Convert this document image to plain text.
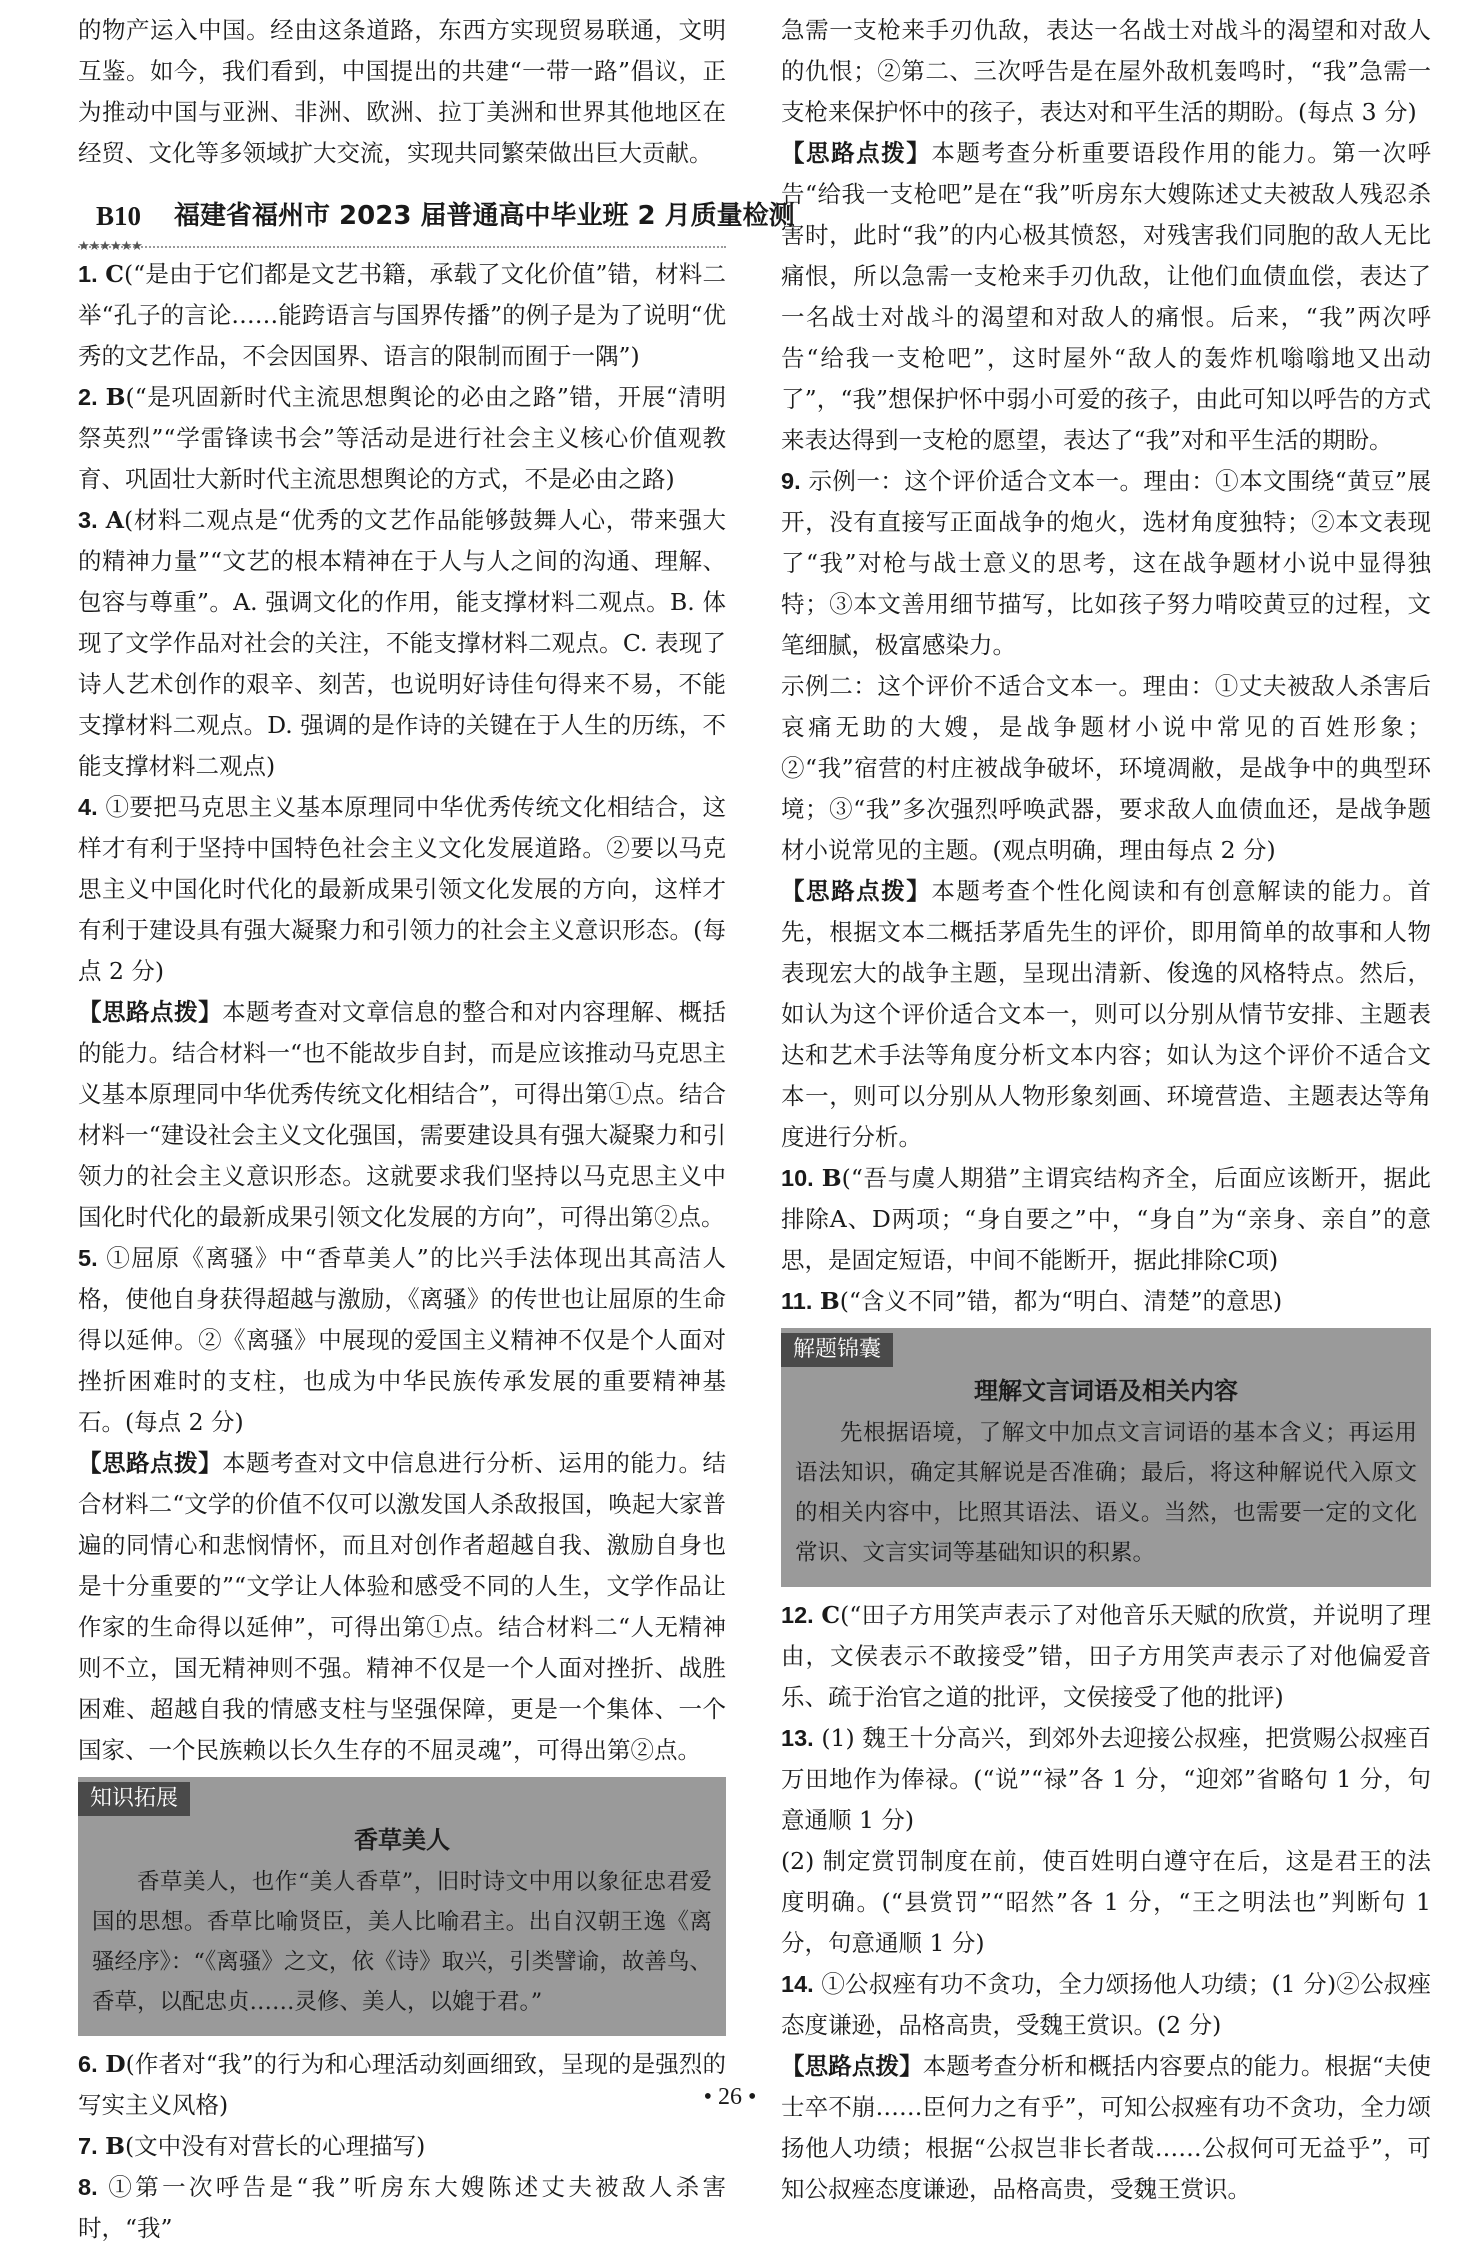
的物产运入中国。经由这条道路，东西方实现贸易联通，文明互鉴。如今，我们看到，中国提出的共建“一带一路”倡议，正为推动中国与亚洲、非洲、欧洲、拉丁美洲和世界其他地区在经贸、文化等多领域扩大交流，实现共同繁荣做出巨大贡献。

★★★★★★
B10 福建省福州市 2023 届普通高中毕业班 2 月质量检测

1. C(“是由于它们都是文艺书籍，承载了文化价值”错，材料二举“孔子的言论……能跨语言与国界传播”的例子是为了说明“优秀的文艺作品，不会因国界、语言的限制而囿于一隅”)

2. B(“是巩固新时代主流思想舆论的必由之路”错，开展“清明祭英烈”“学雷锋读书会”等活动是进行社会主义核心价值观教育、巩固壮大新时代主流思想舆论的方式，不是必由之路)

3. A(材料二观点是“优秀的文艺作品能够鼓舞人心，带来强大的精神力量”“文艺的根本精神在于人与人之间的沟通、理解、包容与尊重”。A. 强调文化的作用，能支撑材料二观点。B. 体现了文学作品对社会的关注，不能支撑材料二观点。C. 表现了诗人艺术创作的艰辛、刻苦，也说明好诗佳句得来不易，不能支撑材料二观点。D. 强调的是作诗的关键在于人生的历练，不能支撑材料二观点)

4. ①要把马克思主义基本原理同中华优秀传统文化相结合，这样才有利于坚持中国特色社会主义文化发展道路。②要以马克思主义中国化时代化的最新成果引领文化发展的方向，这样才有利于建设具有强大凝聚力和引领力的社会主义意识形态。(每点 2 分)

【思路点拨】本题考查对文章信息的整合和对内容理解、概括的能力。结合材料一“也不能故步自封，而是应该推动马克思主义基本原理同中华优秀传统文化相结合”，可得出第①点。结合材料一“建设社会主义文化强国，需要建设具有强大凝聚力和引领力的社会主义意识形态。这就要求我们坚持以马克思主义中国化时代化的最新成果引领文化发展的方向”，可得出第②点。

5. ①屈原《离骚》中“香草美人”的比兴手法体现出其高洁人格，使他自身获得超越与激励，《离骚》的传世也让屈原的生命得以延伸。②《离骚》中展现的爱国主义精神不仅是个人面对挫折困难时的支柱，也成为中华民族传承发展的重要精神基石。(每点 2 分)

【思路点拨】本题考查对文中信息进行分析、运用的能力。结合材料二“文学的价值不仅可以激发国人杀敌报国，唤起大家普遍的同情心和悲悯情怀，而且对创作者超越自我、激励自身也是十分重要的”“文学让人体验和感受不同的人生，文学作品让作家的生命得以延伸”，可得出第①点。结合材料二“人无精神则不立，国无精神则不强。精神不仅是一个人面对挫折、战胜困难、超越自我的情感支柱与坚强保障，更是一个集体、一个国家、一个民族赖以长久生存的不屈灵魂”，可得出第②点。

知识拓展
香草美人
香草美人，也作“美人香草”，旧时诗文中用以象征忠君爱国的思想。香草比喻贤臣，美人比喻君主。出自汉朝王逸《离骚经序》：“《离骚》之文，依《诗》取兴，引类譬谕，故善鸟、香草，以配忠贞……灵修、美人，以媲于君。”

6. D(作者对“我”的行为和心理活动刻画细致，呈现的是强烈的写实主义风格)

7. B(文中没有对营长的心理描写)

8. ①第一次呼告是“我”听房东大嫂陈述丈夫被敌人杀害时，“我”

急需一支枪来手刃仇敌，表达一名战士对战斗的渴望和对敌人的仇恨；②第二、三次呼告是在屋外敌机轰鸣时，“我”急需一支枪来保护怀中的孩子，表达对和平生活的期盼。(每点 3 分)

【思路点拨】本题考查分析重要语段作用的能力。第一次呼告“给我一支枪吧”是在“我”听房东大嫂陈述丈夫被敌人残忍杀害时，此时“我”的内心极其愤怒，对残害我们同胞的敌人无比痛恨，所以急需一支枪来手刃仇敌，让他们血债血偿，表达了一名战士对战斗的渴望和对敌人的痛恨。后来，“我”两次呼告“给我一支枪吧”，这时屋外“敌人的轰炸机嗡嗡地又出动了”，“我”想保护怀中弱小可爱的孩子，由此可知以呼告的方式来表达得到一支枪的愿望，表达了“我”对和平生活的期盼。

9. 示例一：这个评价适合文本一。理由：①本文围绕“黄豆”展开，没有直接写正面战争的炮火，选材角度独特；②本文表现了“我”对枪与战士意义的思考，这在战争题材小说中显得独特；③本文善用细节描写，比如孩子努力啃咬黄豆的过程，文笔细腻，极富感染力。

示例二：这个评价不适合文本一。理由：①丈夫被敌人杀害后哀痛无助的大嫂，是战争题材小说中常见的百姓形象；②“我”宿营的村庄被战争破坏，环境凋敝，是战争中的典型环境；③“我”多次强烈呼唤武器，要求敌人血债血还，是战争题材小说常见的主题。(观点明确，理由每点 2 分)

【思路点拨】本题考查个性化阅读和有创意解读的能力。首先，根据文本二概括茅盾先生的评价，即用简单的故事和人物表现宏大的战争主题，呈现出清新、俊逸的风格特点。然后，如认为这个评价适合文本一，则可以分别从情节安排、主题表达和艺术手法等角度分析文本内容；如认为这个评价不适合文本一，则可以分别从人物形象刻画、环境营造、主题表达等角度进行分析。

10. B(“吾与虞人期猎”主谓宾结构齐全，后面应该断开，据此排除A、D两项；“身自要之”中，“身自”为“亲身、亲自”的意思，是固定短语，中间不能断开，据此排除C项)

11. B(“含义不同”错，都为“明白、清楚”的意思)

解题锦囊
理解文言词语及相关内容
先根据语境，了解文中加点文言词语的基本含义；再运用语法知识，确定其解说是否准确；最后，将这种解说代入原文的相关内容中，比照其语法、语义。当然，也需要一定的文化常识、文言实词等基础知识的积累。

12. C(“田子方用笑声表示了对他音乐天赋的欣赏，并说明了理由，文侯表示不敢接受”错，田子方用笑声表示了对他偏爱音乐、疏于治官之道的批评，文侯接受了他的批评)

13. (1) 魏王十分高兴，到郊外去迎接公叔痤，把赏赐公叔痤百万田地作为俸禄。(“说”“禄”各 1 分，“迎郊”省略句 1 分，句意通顺 1 分)

(2) 制定赏罚制度在前，使百姓明白遵守在后，这是君王的法度明确。(“县赏罚”“昭然”各 1 分，“王之明法也”判断句 1 分，句意通顺 1 分)

14. ①公叔痤有功不贪功，全力颂扬他人功绩；(1 分)②公叔痤态度谦逊，品格高贵，受魏王赏识。(2 分)

【思路点拨】本题考查分析和概括内容要点的能力。根据“夫使士卒不崩……臣何力之有乎”，可知公叔痤有功不贪功，全力颂扬他人功绩；根据“公叔岂非长者哉……公叔何可无益乎”，可知公叔痤态度谦逊，品格高贵，受魏王赏识。

• 26 •
